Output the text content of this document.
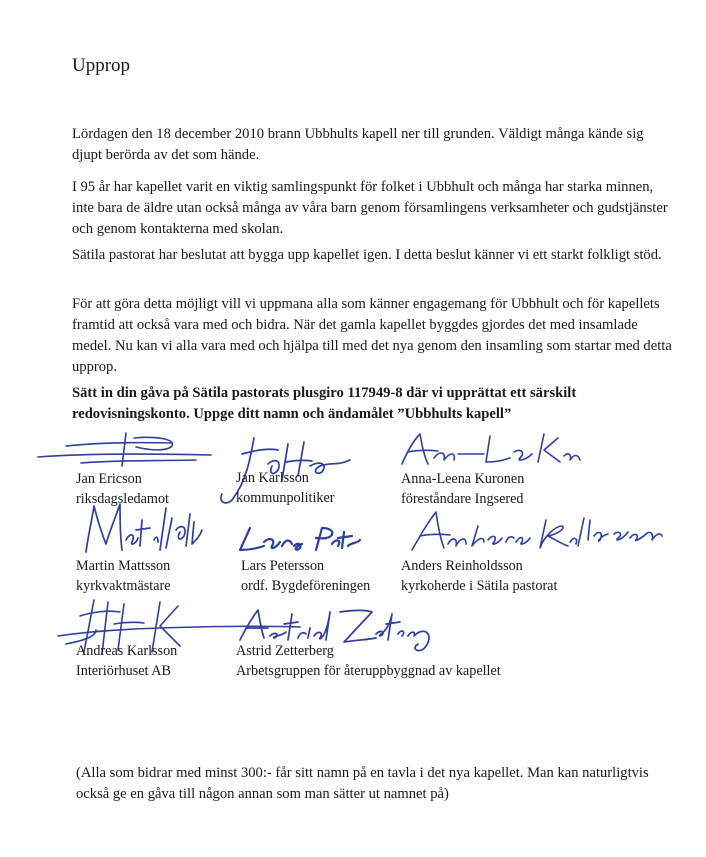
Upprop

Lördagen den 18 december 2010 brann Ubbhults kapell ner till grunden. Väldigt många kände sig djupt berörda av det som hände.

I 95 år har kapellet varit en viktig samlingspunkt för folket i Ubbhult och många har starka minnen, inte bara de äldre utan också många av våra barn genom församlingens verksamheter och gudstjänster och genom kontakterna med skolan.

Sätila pastorat har beslutat att bygga upp kapellet igen. I detta beslut känner vi ett starkt folkligt stöd.

För att göra detta möjligt vill vi uppmana alla som känner engagemang för Ubbhult och för kapellets framtid att också vara med och bidra. När det gamla kapellet byggdes gjordes det med insamlade medel. Nu kan vi alla vara med och hjälpa till med det nya genom den insamling som startar med detta upprop.

Sätt in din gåva på Sätila pastorats plusgiro 117949-8 där vi upprättat ett särskilt redovisningskonto. Uppge ditt namn och ändamålet ”Ubbhults kapell”

Jan Ericson
riksdagsledamot
Jan Karlsson
kommunpolitiker
Anna-Leena Kuronen
föreståndare Ingsered
Martin Mattsson
kyrkvaktmästare
Lars Petersson
ordf. Bygdeföreningen
Anders Reinholdsson
kyrkoherde i Sätila pastorat
Andreas Karlsson
Interiörhuset AB
Astrid Zetterberg
Arbetsgruppen för återuppbyggnad av kapellet

(Alla som bidrar med minst 300:- får sitt namn på en tavla i det nya kapellet. Man kan naturligtvis också ge en gåva till någon annan som man sätter ut namnet på)
